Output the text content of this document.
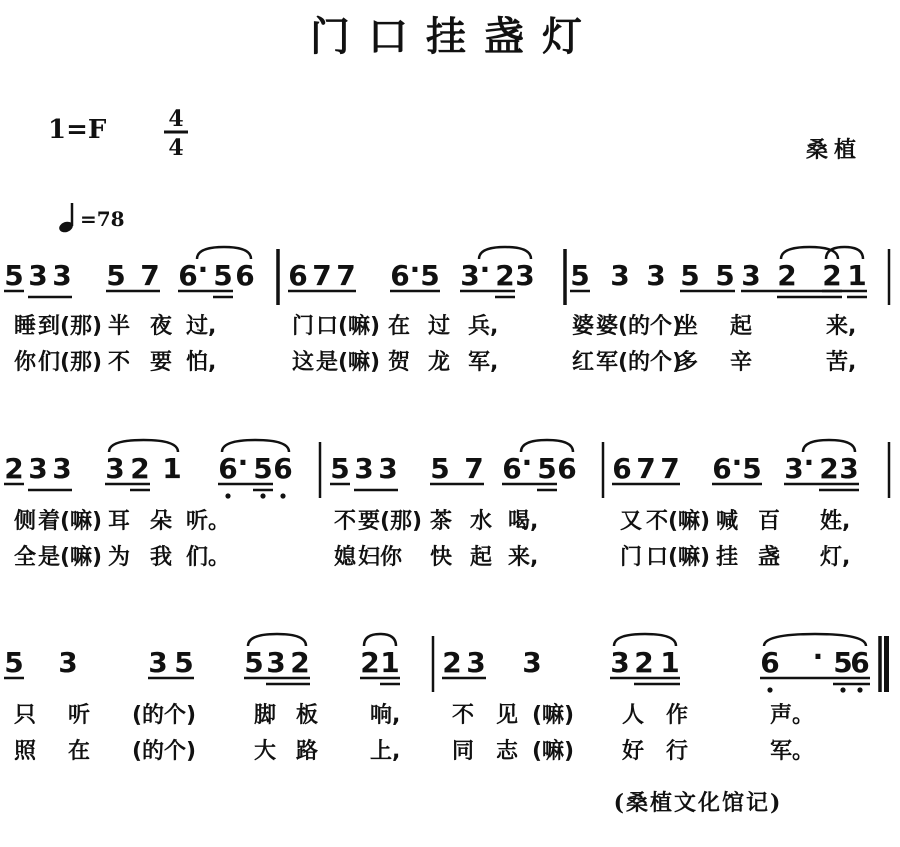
门口挂盏灯
1=F	4
4	桑植
=78
5 3 3 5 7 6 · 5 6 6 7 7 6 · 5 3 · 2 3 5 3 3 5 5 3 2 2 1
睡 到 (那) 半 夜 过,	门 口 (嘛) 在 过 兵,	婆 婆 (的个)
坐 起	来,
你 们 (那) 不 要 怕,	这 是 (嘛) 贺 龙 军,	红 军 (的个)
多 辛	苦,
2 3 3 3 2 1 6 · 5 6 5 3 3 5 7 6 · 5 6 6 7 7 6 · 5 3 · 2 3
侧 着 (嘛) 耳 朵 听。	不 要 (那) 茶 水 喝,	又 不 (嘛) 喊 百 姓,
全 是 (嘛) 为 我 们。	媳 妇 你 快 起 来,	门 口 (嘛) 挂 盏 灯,
5 3	3 5 5 3 2 2 1 2 3 3 3 2 1	6 · 5
6
只 听 (的个)	脚 板 响, 不 见 (嘛) 人 作	声。
照 在 (的个)	大 路 上, 同 志 (嘛) 好 行	军。
(桑植文化馆记)
